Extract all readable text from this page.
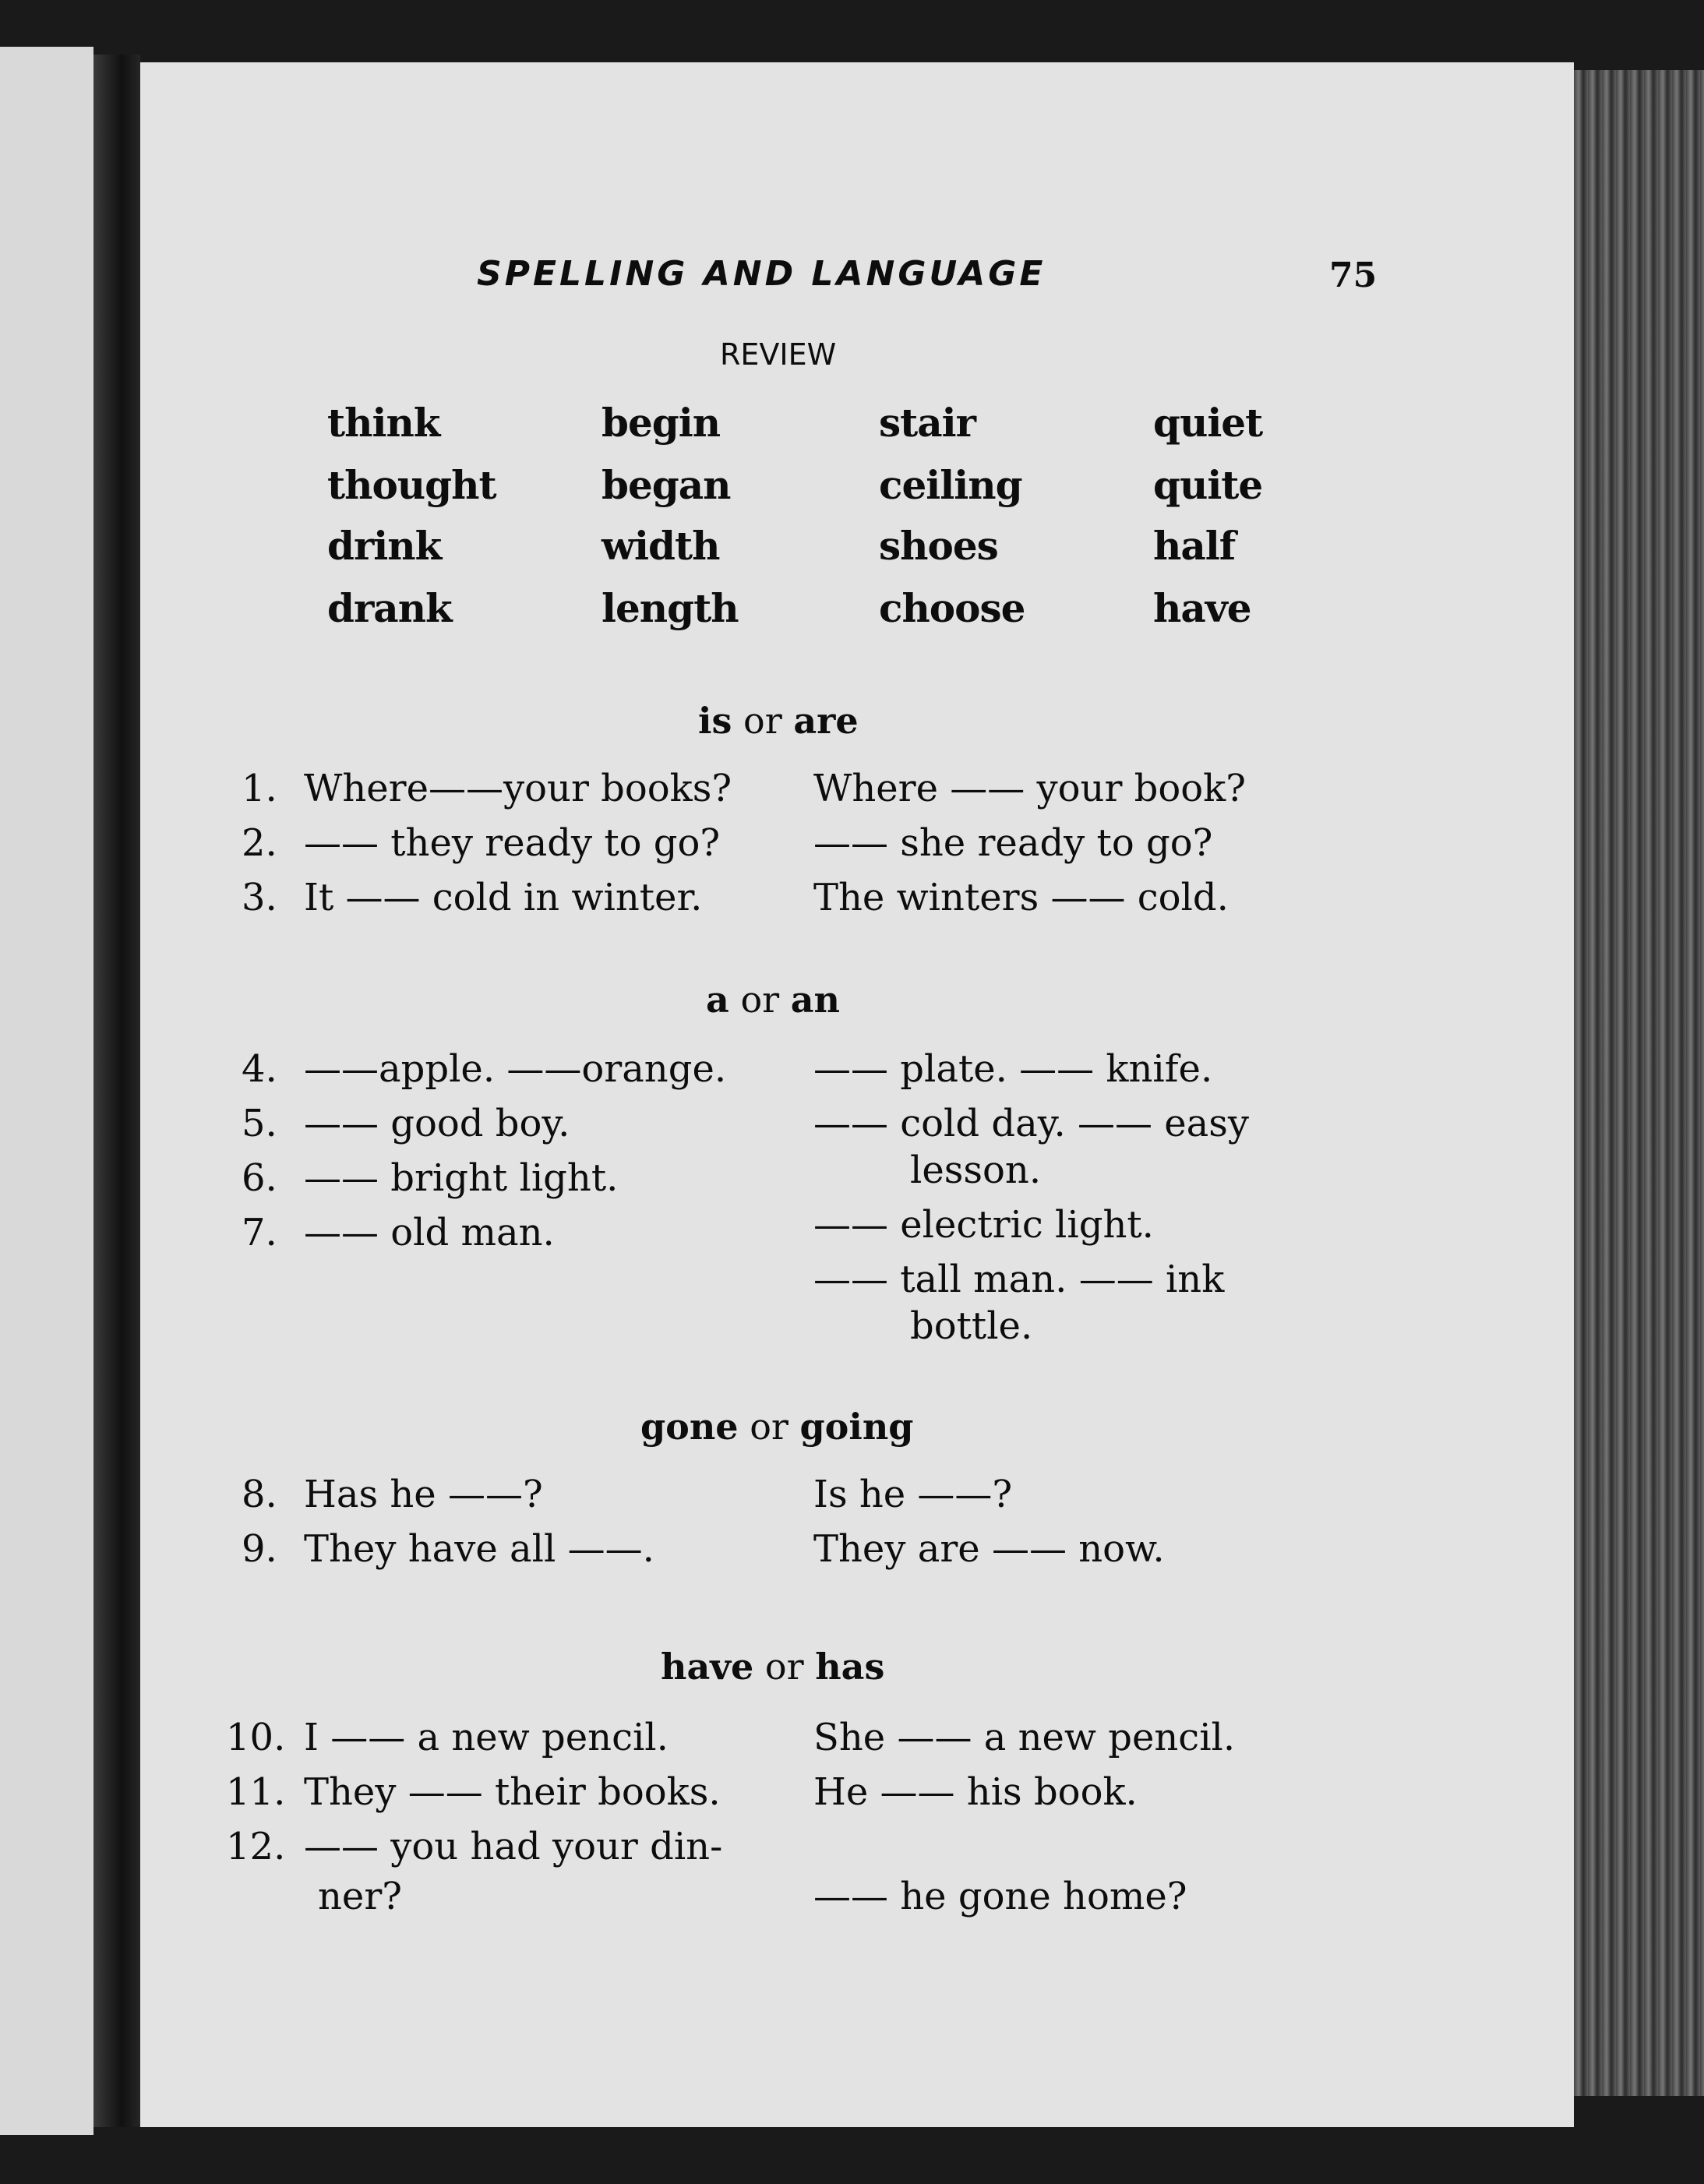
SPELLING AND LANGUAGE	75
REVIEW
think
thought
drink
drank
begin
began
width
length
stair
ceiling
shoes
choose
quiet
quite
half
have
is or are
1. Where——your books?
2. —— they ready to go?
3. It —— cold in winter.
Where —— your book?
—— she ready to go?
The winters —— cold.
a or an
4. ——apple. ——orange.
5. —— good boy.
6. —— bright light.
7. —— old man.
—— plate. —— knife.
—— cold day. —— easy
lesson.
—— electric light.
—— tall man. —— ink
bottle.
gone or going
8. Has he ——?
9. They have all ——.
Is he ——?
They are —— now.
have or has
10. I —— a new pencil.
11. They —— their books.
12. —— you had your din-
ner?
She —— a new pencil.
He —— his book.
—— he gone home?
